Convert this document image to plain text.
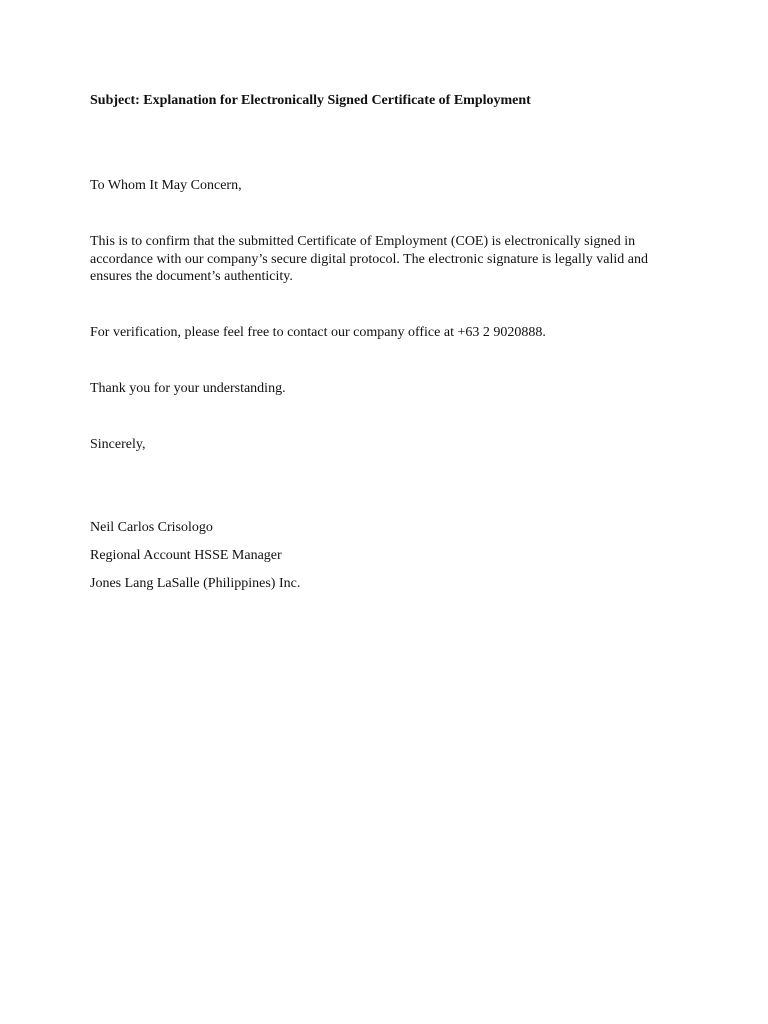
Subject: Explanation for Electronically Signed Certificate of Employment
To Whom It May Concern,
This is to confirm that the submitted Certificate of Employment (COE) is electronically signed in accordance with our company’s secure digital protocol. The electronic signature is legally valid and ensures the document’s authenticity.
For verification, please feel free to contact our company office at +63 2 9020888.
Thank you for your understanding.
Sincerely,
Neil Carlos Crisologo
Regional Account HSSE Manager
Jones Lang LaSalle (Philippines) Inc.
